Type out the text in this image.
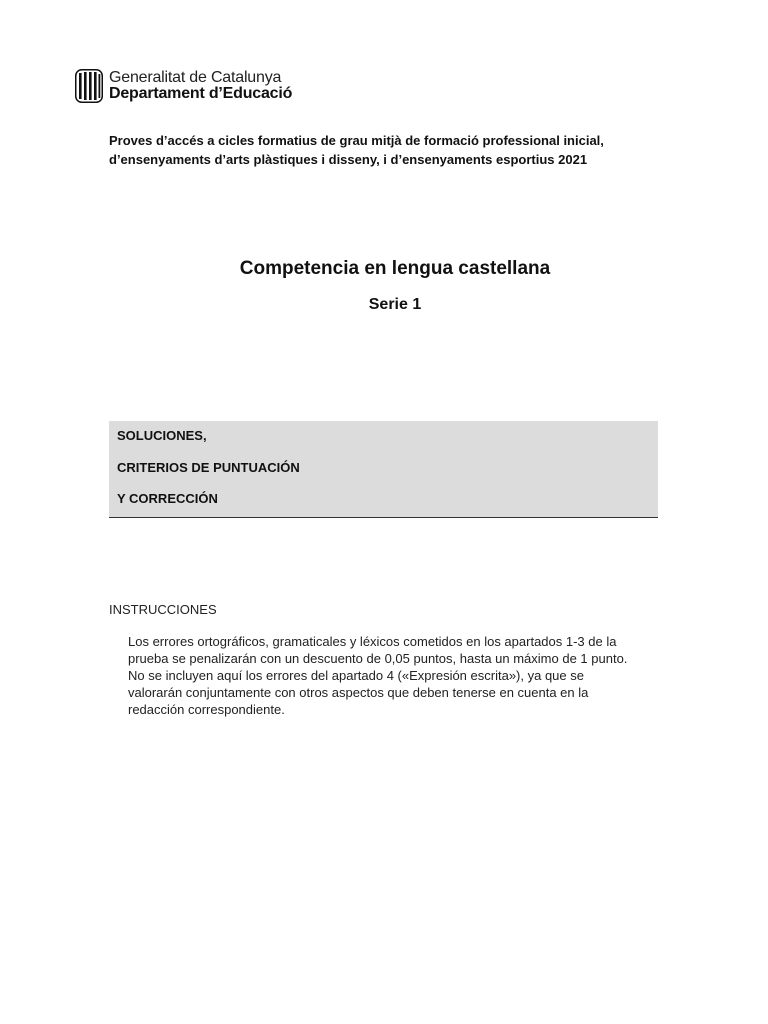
Generalitat de Catalunya
Departament d’Educació
Proves d’accés a cicles formatius de grau mitjà de formació professional inicial,
d’ensenyaments d’arts plàstiques i disseny, i d’ensenyaments esportius 2021
Competencia en lengua castellana
Serie 1
SOLUCIONES,
CRITERIOS DE PUNTUACIÓN
Y CORRECCIÓN
INSTRUCCIONES
Los errores ortográficos, gramaticales y léxicos cometidos en los apartados 1-3 de la
prueba se penalizarán con un descuento de 0,05 puntos, hasta un máximo de 1 punto.
No se incluyen aquí los errores del apartado 4 («Expresión escrita»), ya que se
valorarán conjuntamente con otros aspectos que deben tenerse en cuenta en la
redacción correspondiente.
